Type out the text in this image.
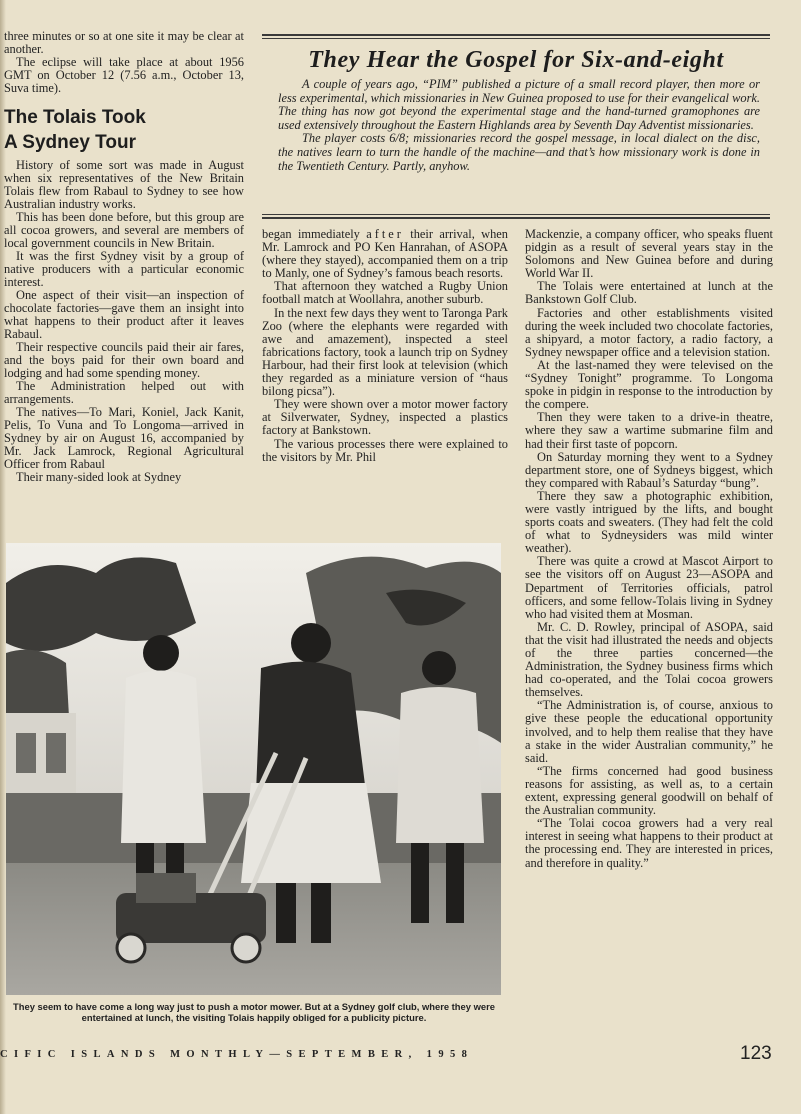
three minutes or so at one site it may be clear at another.

The eclipse will take place at about 1956 GMT on October 12 (7.56 a.m., October 13, Suva time).

The Tolais Took
A Sydney Tour

History of some sort was made in August when six representatives of the New Britain Tolais flew from Rabaul to Sydney to see how Australian industry works.

This has been done before, but this group are all cocoa growers, and several are members of local government councils in New Britain.

It was the first Sydney visit by a group of native producers with a particular economic interest.

One aspect of their visit—an inspection of chocolate factories—gave them an insight into what happens to their product after it leaves Rabaul.

Their respective councils paid their air fares, and the boys paid for their own board and lodging and had some spending money.

The Administration helped out with arrangements.

The natives—To Mari, Koniel, Jack Kanit, Pelis, To Vuna and To Longoma—arrived in Sydney by air on August 16, accompanied by Mr. Jack Lamrock, Regional Agricultural Officer from Rabaul

Their many-sided look at Sydney

They Hear the Gospel for Six-and-eight

A couple of years ago, “PIM” published a picture of a small record player, then more or less experimental, which missionaries in New Guinea proposed to use for their evangelical work. The thing has now got beyond the experimental stage and the hand-turned gramophones are used extensively throughout the Eastern Highlands area by Seventh Day Adventist missionaries.

The player costs 6/8; missionaries record the gospel message, in local dialect on the disc, the natives learn to turn the handle of the machine—and that’s how missionary work is done in the Twentieth Century. Partly, anyhow.

began immediately after their arrival, when Mr. Lamrock and PO Ken Hanrahan, of ASOPA (where they stayed), accompanied them on a trip to Manly, one of Sydney’s famous beach resorts.

That afternoon they watched a Rugby Union football match at Woollahra, another suburb.

In the next few days they went to Taronga Park Zoo (where the elephants were regarded with awe and amazement), inspected a steel fabrications factory, took a launch trip on Sydney Harbour, had their first look at television (which they regarded as a miniature version of “haus bilong picsa”).

They were shown over a motor mower factory at Silverwater, Sydney, inspected a plastics factory at Bankstown.

The various processes there were explained to the visitors by Mr. Phil

Mackenzie, a company officer, who speaks fluent pidgin as a result of several years stay in the Solomons and New Guinea before and during World War II.

The Tolais were entertained at lunch at the Bankstown Golf Club.

Factories and other establishments visited during the week included two chocolate factories, a shipyard, a motor factory, a radio factory, a Sydney newspaper office and a television station.

At the last-named they were televised on the “Sydney Tonight” programme. To Longoma spoke in pidgin in response to the introduction by the compere.

Then they were taken to a drive-in theatre, where they saw a wartime submarine film and had their first taste of popcorn.

On Saturday morning they went to a Sydney department store, one of Sydneys biggest, which they compared with Rabaul’s Saturday “bung”.

There they saw a photographic exhibition, were vastly intrigued by the lifts, and bought sports coats and sweaters. (They had felt the cold of what to Sydneysiders was mild winter weather).

There was quite a crowd at Mascot Airport to see the visitors off on August 23—ASOPA and Department of Territories officials, patrol officers, and some fellow-Tolais living in Sydney who had visited them at Mosman.

Mr. C. D. Rowley, principal of ASOPA, said that the visit had illustrated the needs and objects of the three parties concerned—the Administration, the Sydney business firms which had co-operated, and the Tolai cocoa growers themselves.

“The Administration is, of course, anxious to give these people the educational opportunity involved, and to help them realise that they have a stake in the wider Australian community,” he said.

“The firms concerned had good business reasons for assisting, as well as, to a certain extent, expressing general goodwill on behalf of the Australian community.

“The Tolai cocoa growers had a very real interest in seeing what happens to their product at the processing end. They are interested in prices, and therefore in quality.”

They seem to have come a long way just to push a motor mower. But at a Sydney golf club, where they were entertained at lunch, the visiting Tolais happily obliged for a publicity picture.
CIFIC ISLANDS MONTHLY—SEPTEMBER, 1958	123
